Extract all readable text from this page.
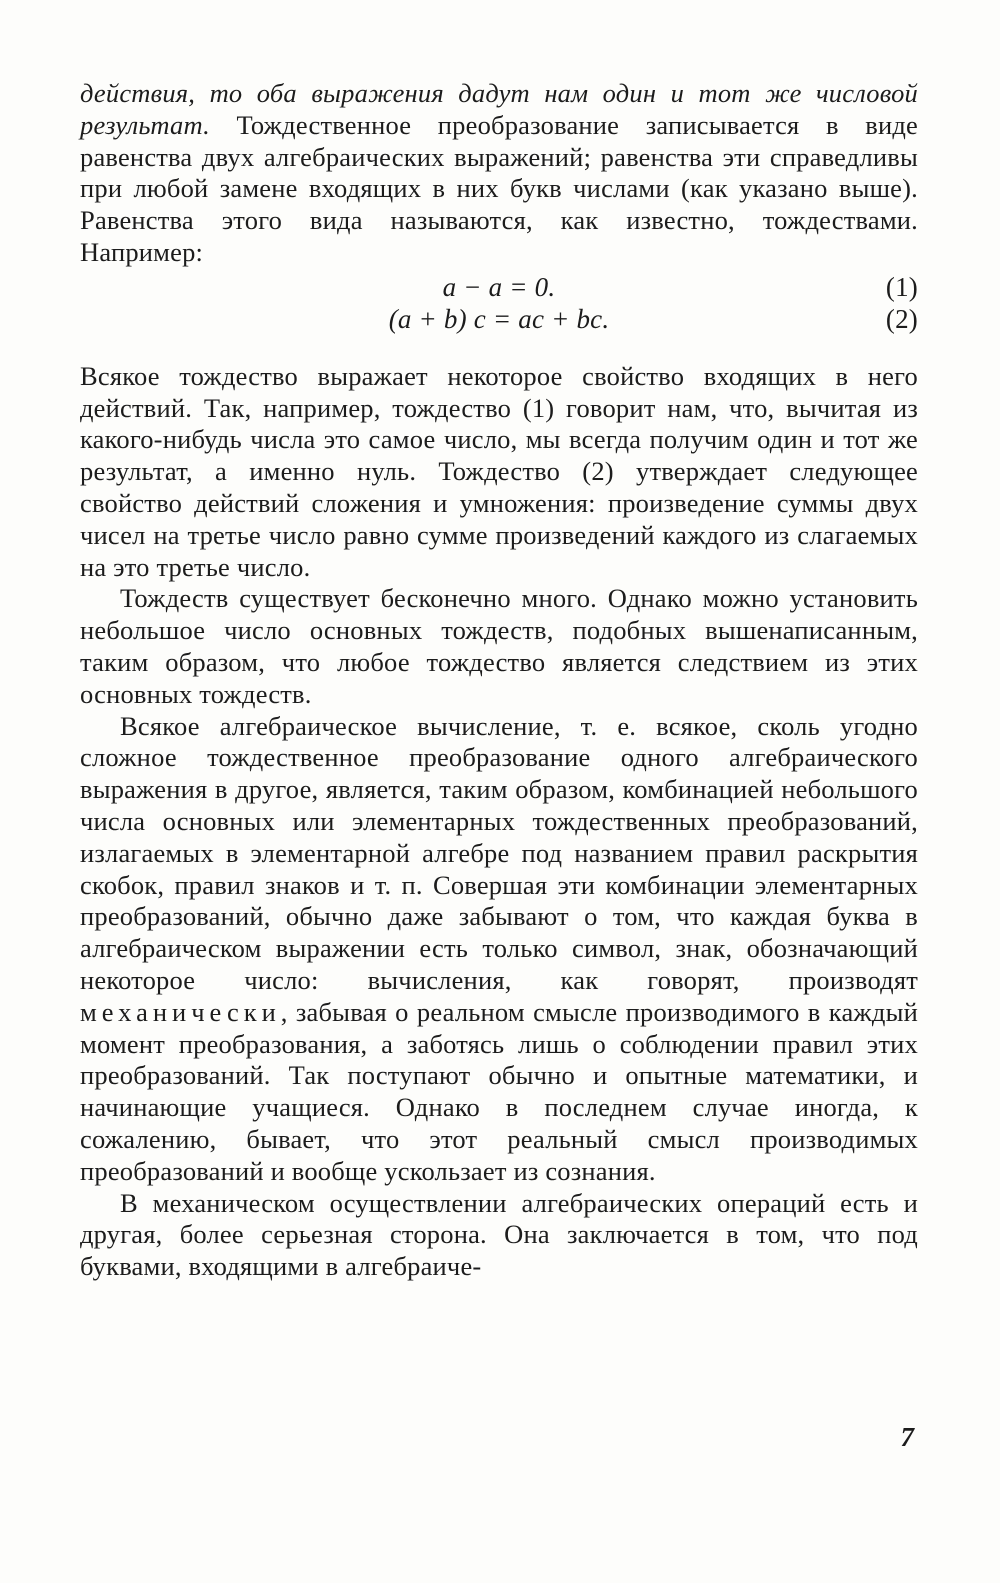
действия, то оба выражения дадут нам один и тот же числовой результат. Тождественное преобразование записывается в виде равенства двух алгебраических выражений; равенства эти справедливы при любой замене входящих в них букв числами (как указано выше). Равенства этого вида называются, как известно, тождествами. Например:

a − a = 0.	(1)
(a + b) c = ac + bc.	(2)

Всякое тождество выражает некоторое свойство входящих в него действий. Так, например, тождество (1) говорит нам, что, вычитая из какого-нибудь числа это самое число, мы всегда получим один и тот же результат, а именно нуль. Тождество (2) утверждает следующее свойство действий сложения и умножения: произведение суммы двух чисел на третье число равно сумме произведений каждого из слагаемых на это третье число.

Тождеств существует бесконечно много. Однако можно установить небольшое число основных тождеств, подобных вышенаписанным, таким образом, что любое тождество является следствием из этих основных тождеств.

Всякое алгебраическое вычисление, т. е. всякое, сколь угодно сложное тождественное преобразование одного алгебраического выражения в другое, является, таким образом, комбинацией небольшого числа основных или элементарных тождественных преобразований, излагаемых в элементарной алгебре под названием правил раскрытия скобок, правил знаков и т. п. Совершая эти комбинации элементарных преобразований, обычно даже забывают о том, что каждая буква в алгебраическом выражении есть только символ, знак, обозначающий некоторое число: вычисления, как говорят, производят механически, забывая о реальном смысле производимого в каждый момент преобразования, а заботясь лишь о соблюдении правил этих преобразований. Так поступают обычно и опытные математики, и начинающие учащиеся. Однако в последнем случае иногда, к сожалению, бывает, что этот реальный смысл производимых преобразований и вообще ускользает из сознания.

В механическом осуществлении алгебраических операций есть и другая, более серьезная сторона. Она заключается в том, что под буквами, входящими в алгебраиче-

7
